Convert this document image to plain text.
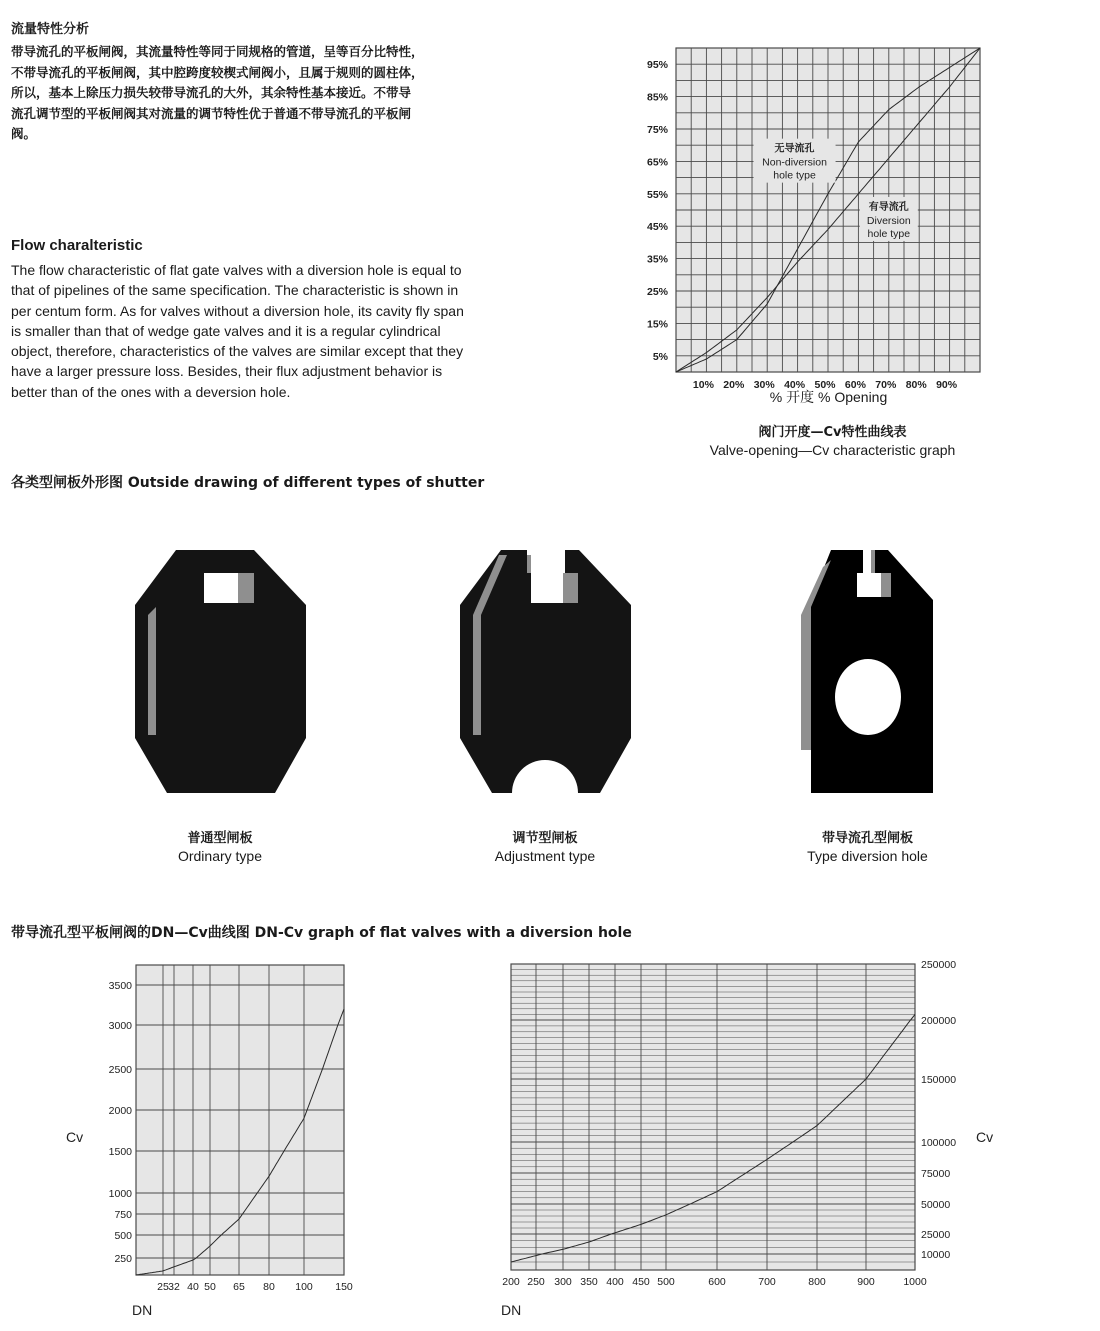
流量特性分析
带导流孔的平板闸阀，其流量特性等同于同规格的管道，呈等百分比特性，
不带导流孔的平板闸阀，其中腔跨度较楔式闸阀小，且属于规则的圆柱体，
所以，基本上除压力损失较带导流孔的大外，其余特性基本接近。不带导
流孔调节型的平板闸阀其对流量的调节特性优于普通不带导流孔的平板闸
阀。
Flow charalteristic
The flow characteristic of flat gate valves with a diversion hole is equal to
that of pipelines of the same specification. The characteristic is shown in
per centum form. As for valves without a diversion hole, its cavity fly span
is smaller than that of wedge gate valves and it is a regular cylindrical
object, therefore, characteristics of the valves are similar except that they
have a larger pressure loss. Besides, their flux adjustment behavior is
better than of the ones with a deversion hole.	10% 20% 30% 40% 50% 60% 70% 80% 90%
5%
15%
25%
35%
45%
55%
65%
75%
85%
95%
无导流孔
Non-diversion
hole type
有导流孔
Diversion
hole type
% 开度 % Opening
阀门开度—Cv特性曲线表
Valve-opening—Cv characteristic graph
各类型闸板外形图 Outside drawing of different types of shutter
普通型闸板
Ordinary type
调节型闸板
Adjustment type
带导流孔型闸板
Type diversion hole
带导流孔型平板闸阀的DN—Cv曲线图 DN-Cv graph of flat valves with a diversion hole
25 32 40 50 65 80 100 150
250
500
750
1000
1500
2000
2500
3000
3500
Cv
DN
200 250 300 350 400 450 500	600	700	800	900	1000
10000
25000
50000
75000
100000
150000
200000
250000
Cv
DN
